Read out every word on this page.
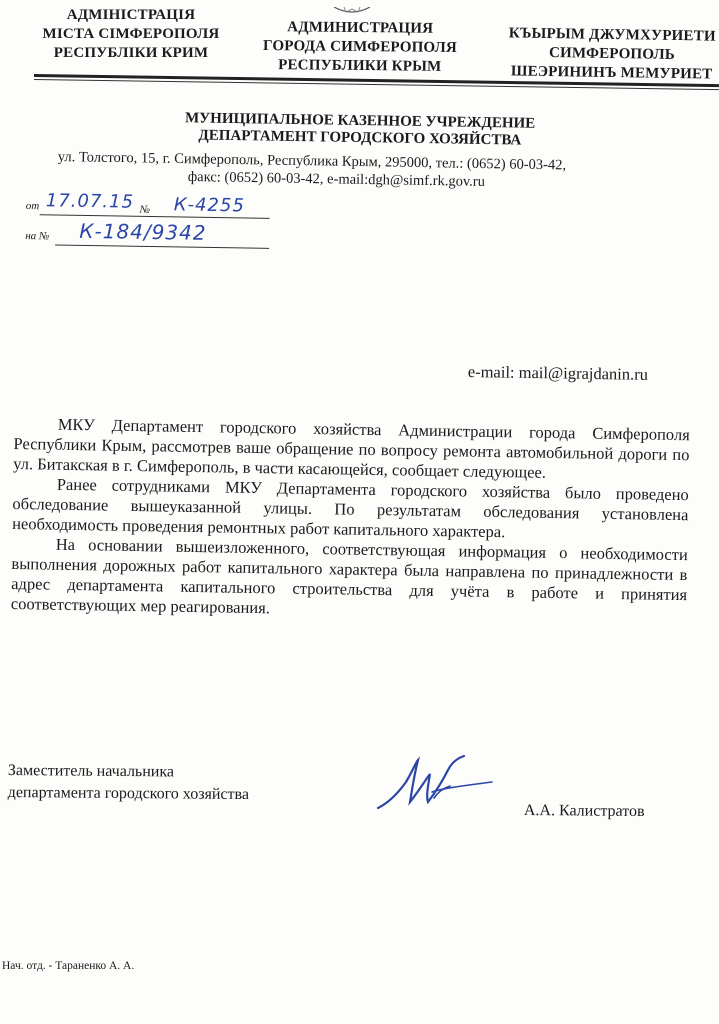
АДМІНІСТРАЦІЯ
МІСТА СІМФЕРОПОЛЯ
РЕСПУБЛІКИ КРИМ
АДМИНИСТРАЦИЯ
ГОРОДА СИМФЕРОПОЛЯ
РЕСПУБЛИКИ КРЫМ
КЪЫРЫМ ДЖУМХУРИЕТИ
СИМФЕРОПОЛЬ
ШЕЭРИНИНЪ МЕМУРИЕТ
МУНИЦИПАЛЬНОЕ КАЗЕННОЕ УЧРЕЖДЕНИЕ
ДЕПАРТАМЕНТ ГОРОДСКОГО ХОЗЯЙСТВА
ул. Толстого, 15, г. Симферополь, Республика Крым, 295000, тел.: (0652) 60-03-42,
факс: (0652) 60-03-42, e-mail:dgh@simf.rk.gov.ru
от 17.07.15 № К-4255
на № К-184/9342
e-mail: mail@igrajdanin.ru

МКУ Департамент городского хозяйства Администрации города Симферополя Республики Крым, рассмотрев ваше обращение по вопросу ремонта автомобильной дороги по ул. Битакская в г. Симферополь, в части касающейся, сообщает следующее.

Ранее сотрудниками МКУ Департамента городского хозяйства было проведено обследование вышеуказанной улицы. По результатам обследования установлена необходимость проведения ремонтных работ капитального характера.

На основании вышеизложенного, соответствующая информация о необходимости выполнения дорожных работ капитального характера была направлена по принадлежности в адрес департамента капитального строительства для учёта в работе и принятия соответствующих мер реагирования.

Заместитель начальника
департамента городского хозяйства
А.А. Калистратов
Нач. отд. - Тараненко А. А.
